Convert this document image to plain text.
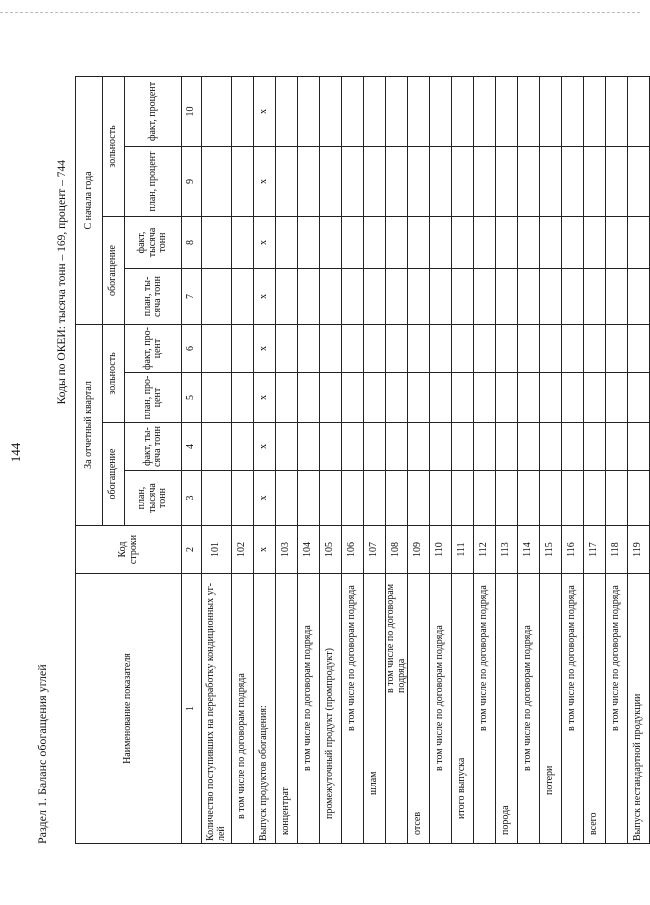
144
Раздел 1. Баланс обогащения углей
Коды по ОКЕИ: тысяча тонн – 169, процент – 744
Наименование показателя	Код строки	За отчетный квартал				С начала года			
		обогащение		зольность		обогащение		зольность	
		план, тысяча тонн	факт, тысяча тонн	план, процент	факт, процент	план, тысяча тонн	факт, тысяча тонн	план, процент	факт, процент
1	2	3	4	5	6	7	8	9	10
Количество поступивших на переработку кондиционных углей	101								
в том числе по договорам подряда	102								
Выпуск продуктов обогащения:	х	х	х	х	х	х	х	х	х
концентрат	103								
в том числе по договорам подряда	104								
промежуточный продукт (промпродукт)	105								
в том числе по договорам подряда	106								
шлам	107								
в том числе по договорам подряда	108								
отсев	109								
в том числе по договорам подряда	110								
итого выпуска	111								
в том числе по договорам подряда	112								
порода	113								
в том числе по договорам подряда	114								
потери	115								
в том числе по договорам подряда	116								
всего	117								
в том числе по договорам подряда	118								
Выпуск нестандартной продукции	119								
